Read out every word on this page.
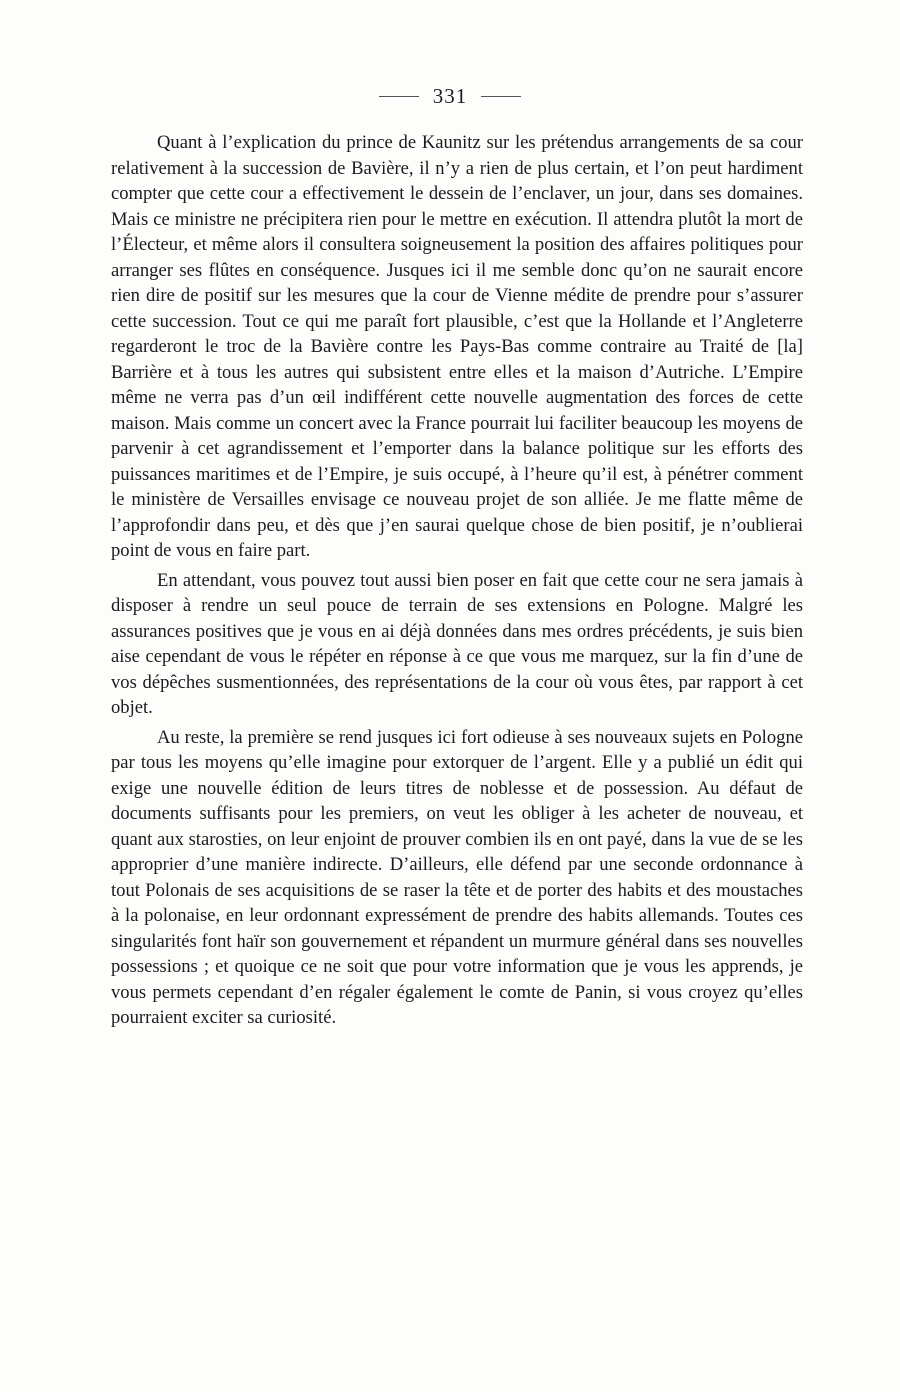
331

Quant à l’explication du prince de Kaunitz sur les prétendus arrangements de sa cour relativement à la succession de Bavière, il n’y a rien de plus certain, et l’on peut hardiment compter que cette cour a effectivement le dessein de l’enclaver, un jour, dans ses domaines. Mais ce ministre ne précipitera rien pour le mettre en exécution. Il attendra plutôt la mort de l’Électeur, et même alors il consultera soigneusement la position des affaires politiques pour arranger ses flûtes en conséquence. Jusques ici il me semble donc qu’on ne saurait encore rien dire de positif sur les mesures que la cour de Vienne médite de prendre pour s’assurer cette succession. Tout ce qui me paraît fort plausible, c’est que la Hollande et l’Angleterre regarderont le troc de la Bavière contre les Pays-Bas comme contraire au Traité de [la] Barrière et à tous les autres qui subsistent entre elles et la maison d’Autriche. L’Empire même ne verra pas d’un œil indifférent cette nouvelle augmentation des forces de cette maison. Mais comme un concert avec la France pourrait lui faciliter beaucoup les moyens de parvenir à cet agrandissement et l’emporter dans la balance politique sur les efforts des puissances maritimes et de l’Empire, je suis occupé, à l’heure qu’il est, à pénétrer comment le ministère de Versailles envisage ce nouveau projet de son alliée. Je me flatte même de l’approfondir dans peu, et dès que j’en saurai quelque chose de bien positif, je n’oublierai point de vous en faire part.

En attendant, vous pouvez tout aussi bien poser en fait que cette cour ne sera jamais à disposer à rendre un seul pouce de terrain de ses extensions en Pologne. Malgré les assurances positives que je vous en ai déjà données dans mes ordres précédents, je suis bien aise cependant de vous le répéter en réponse à ce que vous me marquez, sur la fin d’une de vos dépêches susmentionnées, des représentations de la cour où vous êtes, par rapport à cet objet.

Au reste, la première se rend jusques ici fort odieuse à ses nouveaux sujets en Pologne par tous les moyens qu’elle imagine pour extorquer de l’argent. Elle y a publié un édit qui exige une nouvelle édition de leurs titres de noblesse et de possession. Au défaut de documents suffisants pour les premiers, on veut les obliger à les acheter de nouveau, et quant aux starosties, on leur enjoint de prouver combien ils en ont payé, dans la vue de se les approprier d’une manière indirecte. D’ailleurs, elle défend par une seconde ordonnance à tout Polonais de ses acquisitions de se raser la tête et de porter des habits et des moustaches à la polonaise, en leur ordonnant expressément de prendre des habits allemands. Toutes ces singularités font haïr son gouvernement et répandent un murmure général dans ses nouvelles possessions ; et quoique ce ne soit que pour votre information que je vous les apprends, je vous permets cependant d’en régaler également le comte de Panin, si vous croyez qu’elles pourraient exciter sa curiosité.
